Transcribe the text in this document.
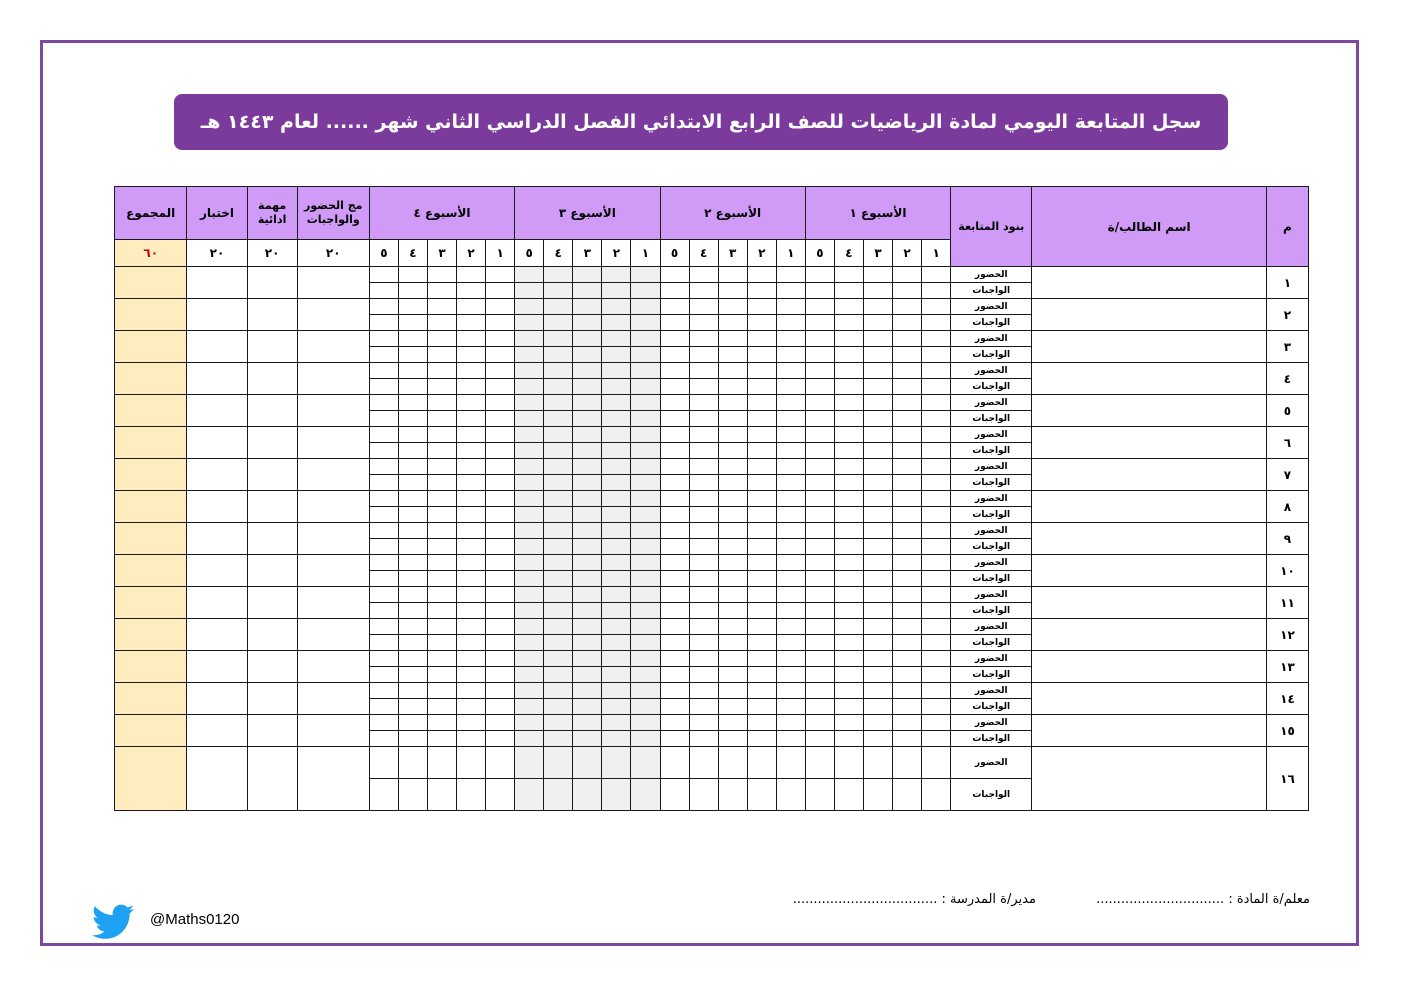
سجل المتابعة اليومي لمادة الرياضيات للصف الرابع الابتدائي الفصل الدراسي الثاني شهر ...... لعام ١٤٤٣ هـ
م	اسم الطالب/ة	بنود المتابعة	الأسبوع ١					الأسبوع ٢					الأسبوع ٣					الأسبوع ٤					مج الحضور والواجبات	مهمة ادائية	اختبار	المجموع
			١	٢	٣	٤	٥	١	٢	٣	٤	٥	١	٢	٣	٤	٥	١	٢	٣	٤	٥	٢٠	٢٠	٢٠	٦٠
١		الحضور																								
		الواجبات																								
٢		الحضور																								
		الواجبات																								
٣		الحضور																								
		الواجبات																								
٤		الحضور																								
		الواجبات																								
٥		الحضور																								
		الواجبات																								
٦		الحضور																								
		الواجبات																								
٧		الحضور																								
		الواجبات																								
٨		الحضور																								
		الواجبات																								
٩		الحضور																								
		الواجبات																								
١٠		الحضور																								
		الواجبات																								
١١		الحضور																								
		الواجبات																								
١٢		الحضور																								
		الواجبات																								
١٣		الحضور																								
		الواجبات																								
١٤		الحضور																								
		الواجبات																								
١٥		الحضور																								
		الواجبات																								
١٦		الحضور																								
		الواجبات																								
معلم/ة المادة : ............................... مدير/ة المدرسة : ...................................
@Maths0120
